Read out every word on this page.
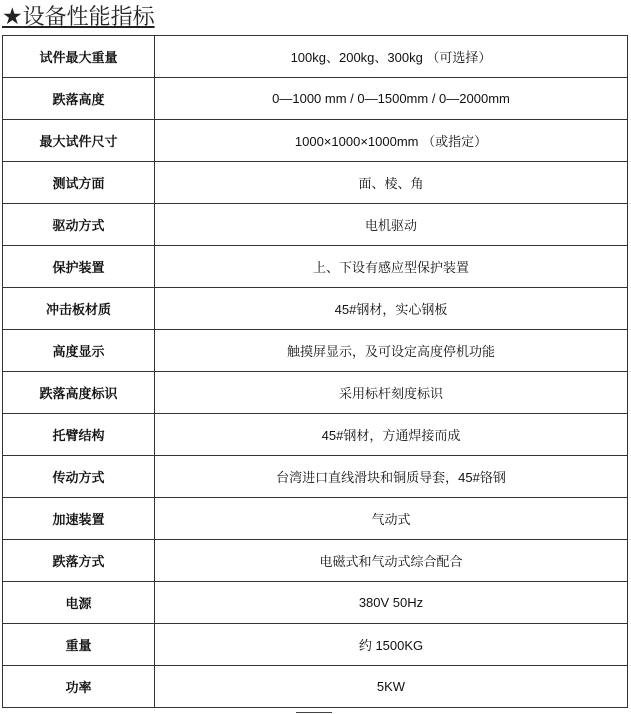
★设备性能指标
试件最大重量	100kg、200kg、300kg （可选择）
跌落高度	0—1000 mm / 0—1500mm / 0—2000mm
最大试件尺寸	1000×1000×1000mm （或指定）
测试方面	面、棱、角
驱动方式	电机驱动
保护装置	上、下设有感应型保护装置
冲击板材质	45#钢材，实心钢板
高度显示	触摸屏显示，及可设定高度停机功能
跌落高度标识	采用标杆刻度标识
托臂结构	45#钢材，方通焊接而成
传动方式	台湾进口直线滑块和铜质导套，45#铬钢
加速装置	气动式
跌落方式	电磁式和气动式综合配合
电源	380V 50Hz
重量	约 1500KG
功率	5KW
